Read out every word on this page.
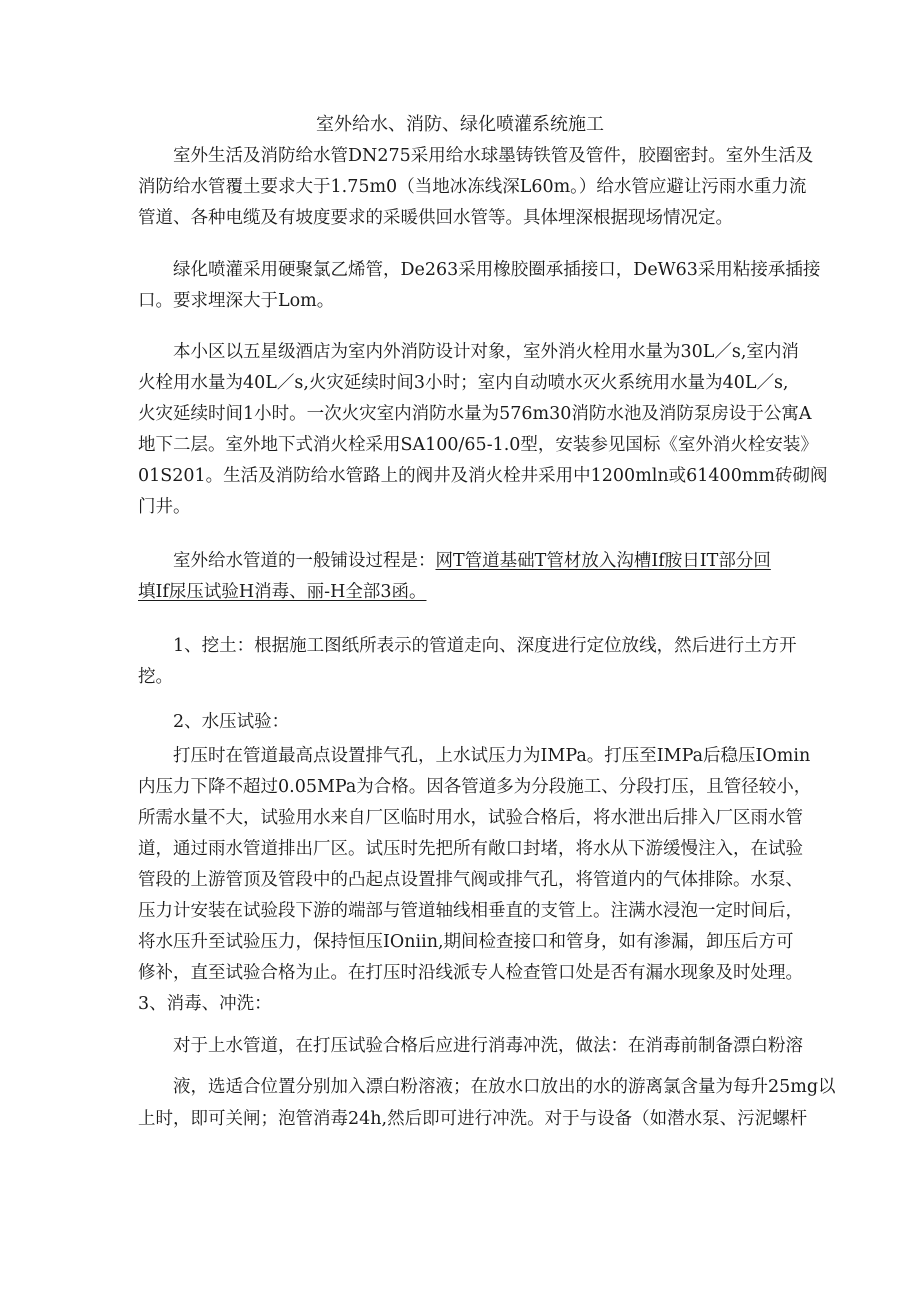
室外给水、消防、绿化喷灌系统施工
室外生活及消防给水管DN275采用给水球墨铸铁管及管件，胶圈密封。室外生活及
消防给水管覆土要求大于1.75m0（当地冰冻线深L60m。）给水管应避让污雨水重力流
管道、各种电缆及有坡度要求的采暖供回水管等。具体埋深根据现场情况定。
绿化喷灌采用硬聚氯乙烯管，De263采用橡胶圈承插接口，DeW63采用粘接承插接
口。要求埋深大于Lom。
本小区以五星级酒店为室内外消防设计对象，室外消火栓用水量为30L／s,室内消
火栓用水量为40L／s,火灾延续时间3小时；室内自动喷水灭火系统用水量为40L／s,
火灾延续时间1小时。一次火灾室内消防水量为576m30消防水池及消防泵房设于公寓A
地下二层。室外地下式消火栓采用SA100/65-1.0型，安装参见国标《室外消火栓安装》
01S201。生活及消防给水管路上的阀井及消火栓井采用中1200mln或61400mm砖砌阀
门井。
室外给水管道的一般铺设过程是：网T管道基础T管材放入沟槽If胺日IT部分回
填If尿压试验H消毒、丽-H全部3函。
1、挖土：根据施工图纸所表示的管道走向、深度进行定位放线，然后进行土方开
挖。
2、水压试验：
打压时在管道最高点设置排气孔，上水试压力为IMPa。打压至IMPa后稳压IOmin
内压力下降不超过0.05MPa为合格。因各管道多为分段施工、分段打压，且管径较小，
所需水量不大，试验用水来自厂区临时用水，试验合格后，将水泄出后排入厂区雨水管
道，通过雨水管道排出厂区。试压时先把所有敞口封堵，将水从下游缓慢注入，在试验
管段的上游管顶及管段中的凸起点设置排气阀或排气孔，将管道内的气体排除。水泵、
压力计安装在试验段下游的端部与管道轴线相垂直的支管上。注满水浸泡一定时间后，
将水压升至试验压力，保持恒压IOniin,期间检查接口和管身，如有渗漏，卸压后方可
修补，直至试验合格为止。在打压时沿线派专人检查管口处是否有漏水现象及时处理。
3、消毒、冲洗：
对于上水管道，在打压试验合格后应进行消毒冲洗，做法：在消毒前制备漂白粉溶
液，选适合位置分别加入漂白粉溶液；在放水口放出的水的游离氯含量为每升25mg以
上时，即可关闸；泡管消毒24h,然后即可进行冲洗。对于与设备（如潜水泵、污泥螺杆
